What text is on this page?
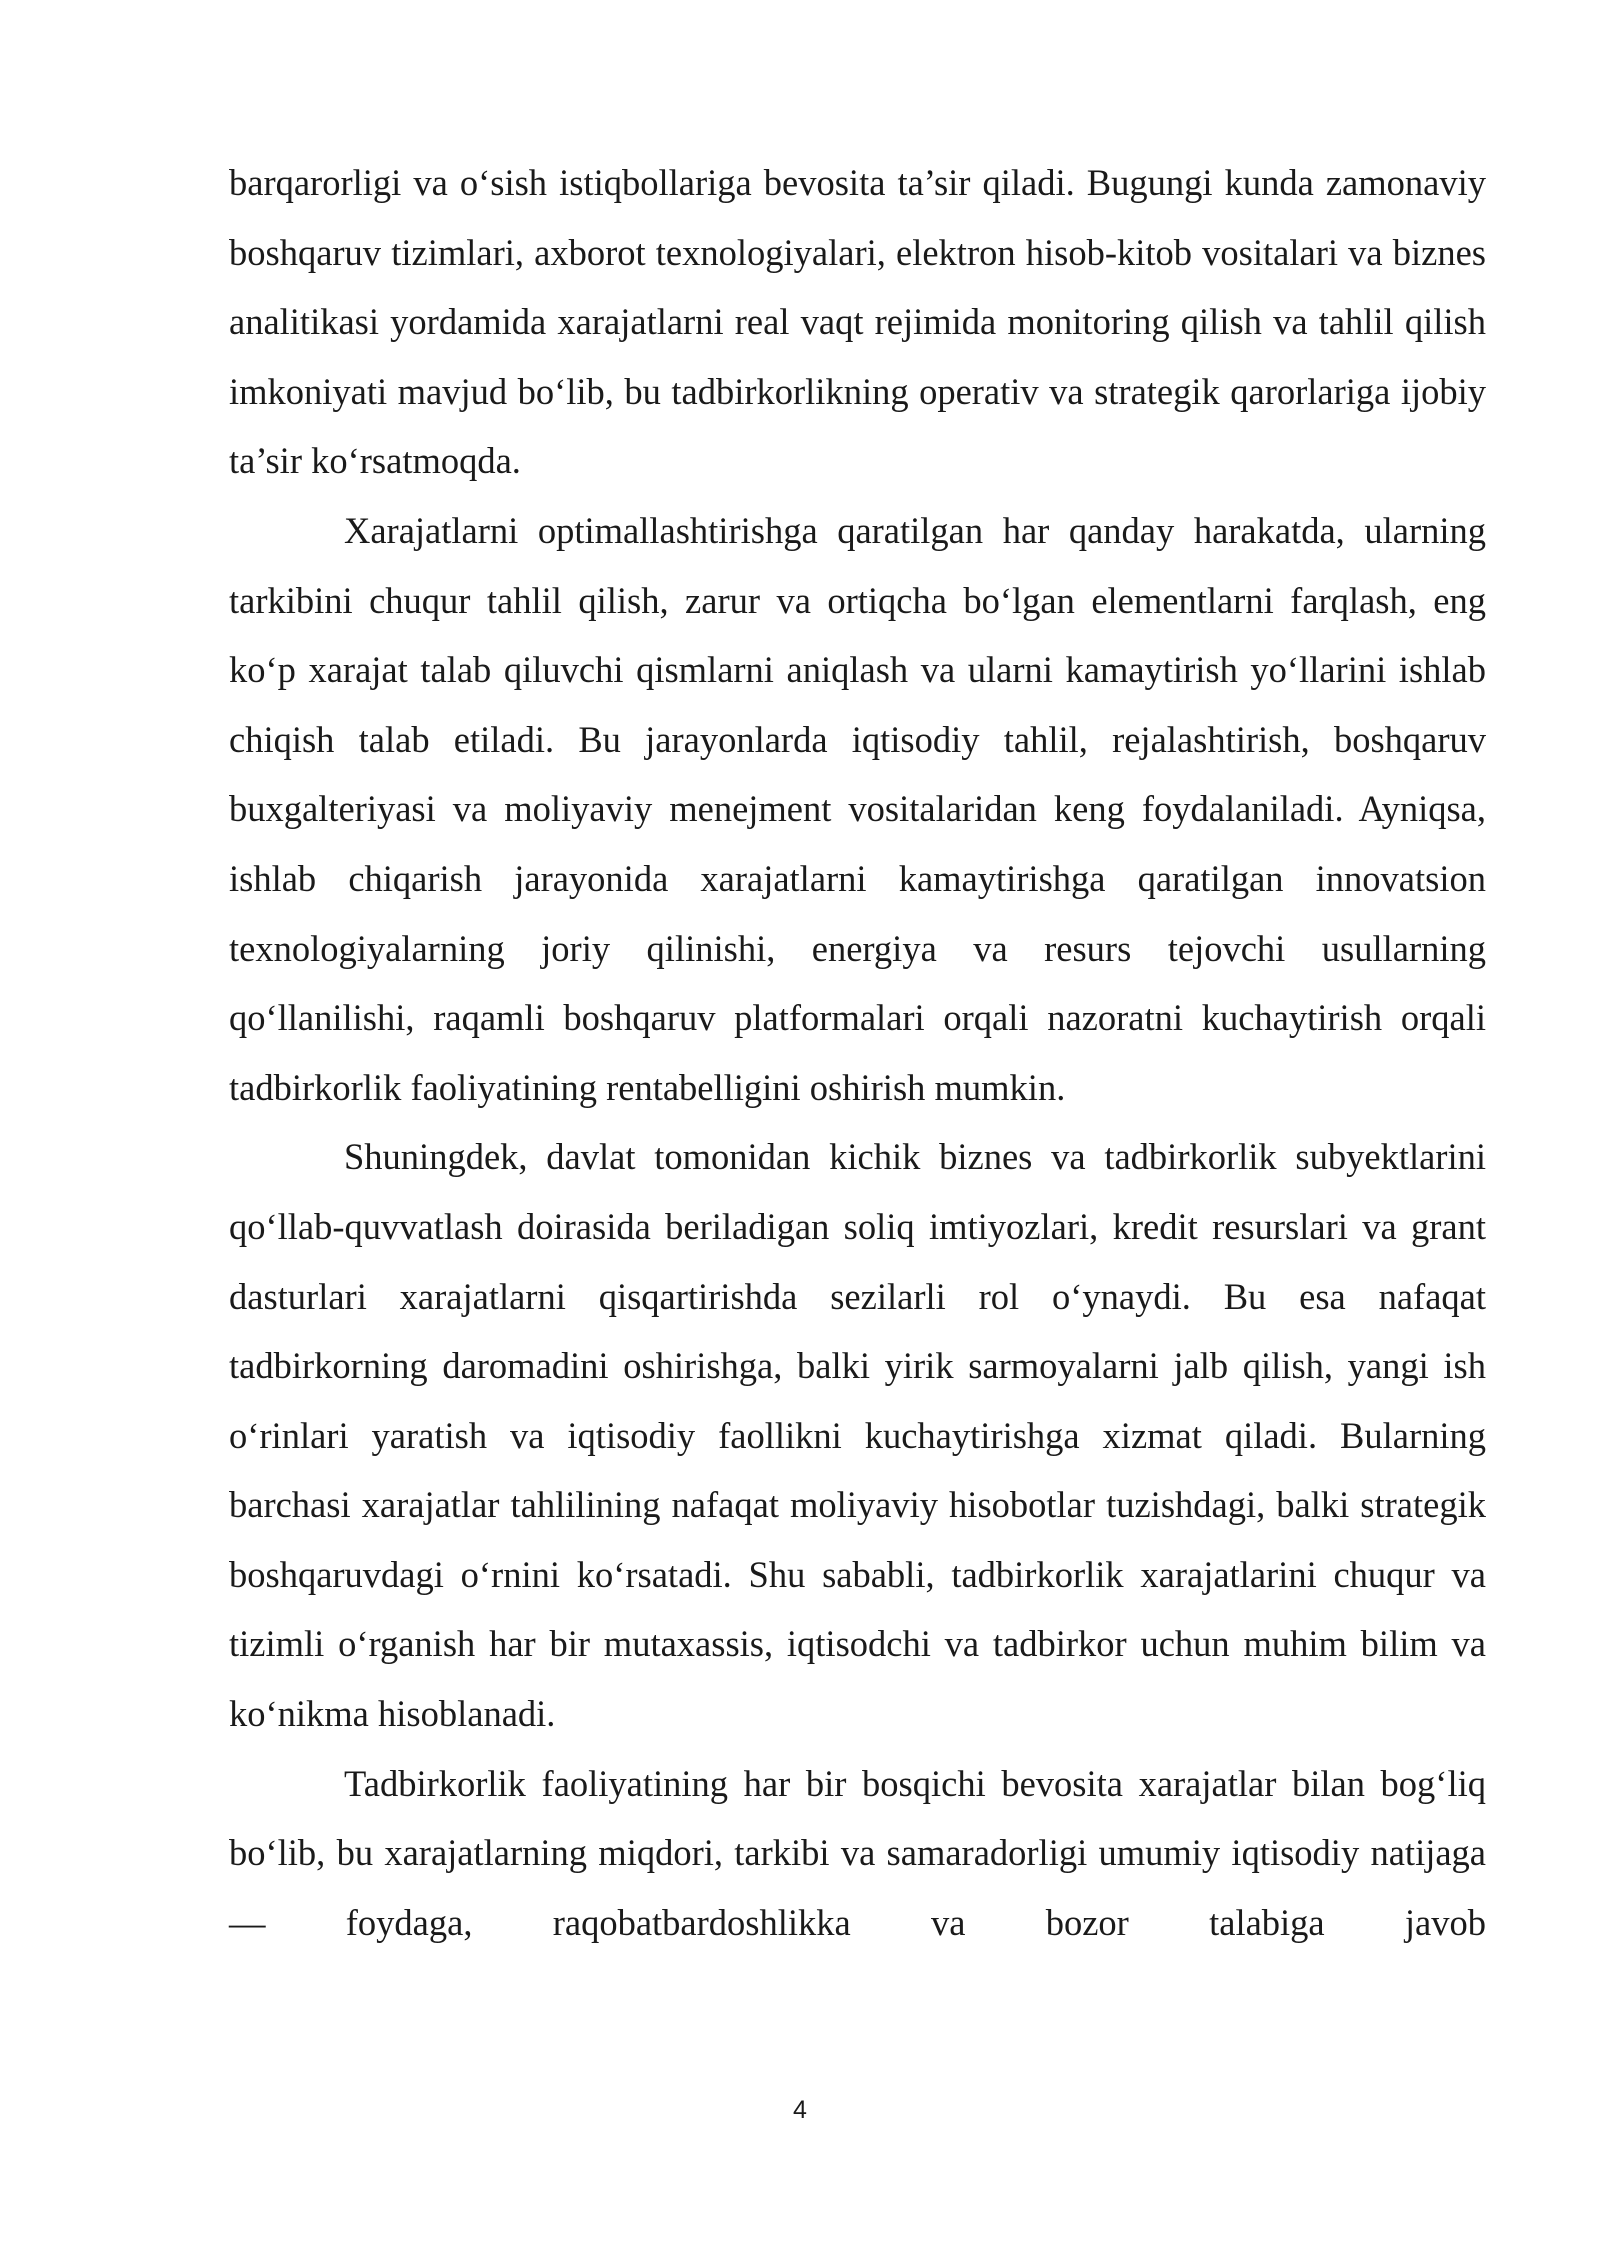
barqarorligi va o‘sish istiqbollariga bevosita ta’sir qiladi. Bugungi kunda zamonaviy boshqaruv tizimlari, axborot texnologiyalari, elektron hisob-kitob vositalari va biznes analitikasi yordamida xarajatlarni real vaqt rejimida monitoring qilish va tahlil qilish imkoniyati mavjud bo‘lib, bu tadbirkorlikning operativ va strategik qarorlariga ijobiy ta’sir ko‘rsatmoqda.

Xarajatlarni optimallashtirishga qaratilgan har qanday harakatda, ularning tarkibini chuqur tahlil qilish, zarur va ortiqcha bo‘lgan elementlarni farqlash, eng ko‘p xarajat talab qiluvchi qismlarni aniqlash va ularni kamaytirish yo‘llarini ishlab chiqish talab etiladi. Bu jarayonlarda iqtisodiy tahlil, rejalashtirish, boshqaruv buxgalteriyasi va moliyaviy menejment vositalaridan keng foydalaniladi. Ayniqsa, ishlab chiqarish jarayonida xarajatlarni kamaytirishga qaratilgan innovatsion texnologiyalarning joriy qilinishi, energiya va resurs tejovchi usullarning qo‘llanilishi, raqamli boshqaruv platformalari orqali nazoratni kuchaytirish orqali tadbirkorlik faoliyatining rentabelligini oshirish mumkin.

Shuningdek, davlat tomonidan kichik biznes va tadbirkorlik subyektlarini qo‘llab-quvvatlash doirasida beriladigan soliq imtiyozlari, kredit resurslari va grant dasturlari xarajatlarni qisqartirishda sezilarli rol o‘ynaydi. Bu esa nafaqat tadbirkorning daromadini oshirishga, balki yirik sarmoyalarni jalb qilish, yangi ish o‘rinlari yaratish va iqtisodiy faollikni kuchaytirishga xizmat qiladi. Bularning barchasi xarajatlar tahlilining nafaqat moliyaviy hisobotlar tuzishdagi, balki strategik boshqaruvdagi o‘rnini ko‘rsatadi. Shu sababli, tadbirkorlik xarajatlarini chuqur va tizimli o‘rganish har bir mutaxassis, iqtisodchi va tadbirkor uchun muhim bilim va ko‘nikma hisoblanadi.

Tadbirkorlik faoliyatining har bir bosqichi bevosita xarajatlar bilan bog‘liq bo‘lib, bu xarajatlarning miqdori, tarkibi va samaradorligi umumiy iqtisodiy natijaga — foydaga, raqobatbardoshlikka va bozor talabiga javob

4
